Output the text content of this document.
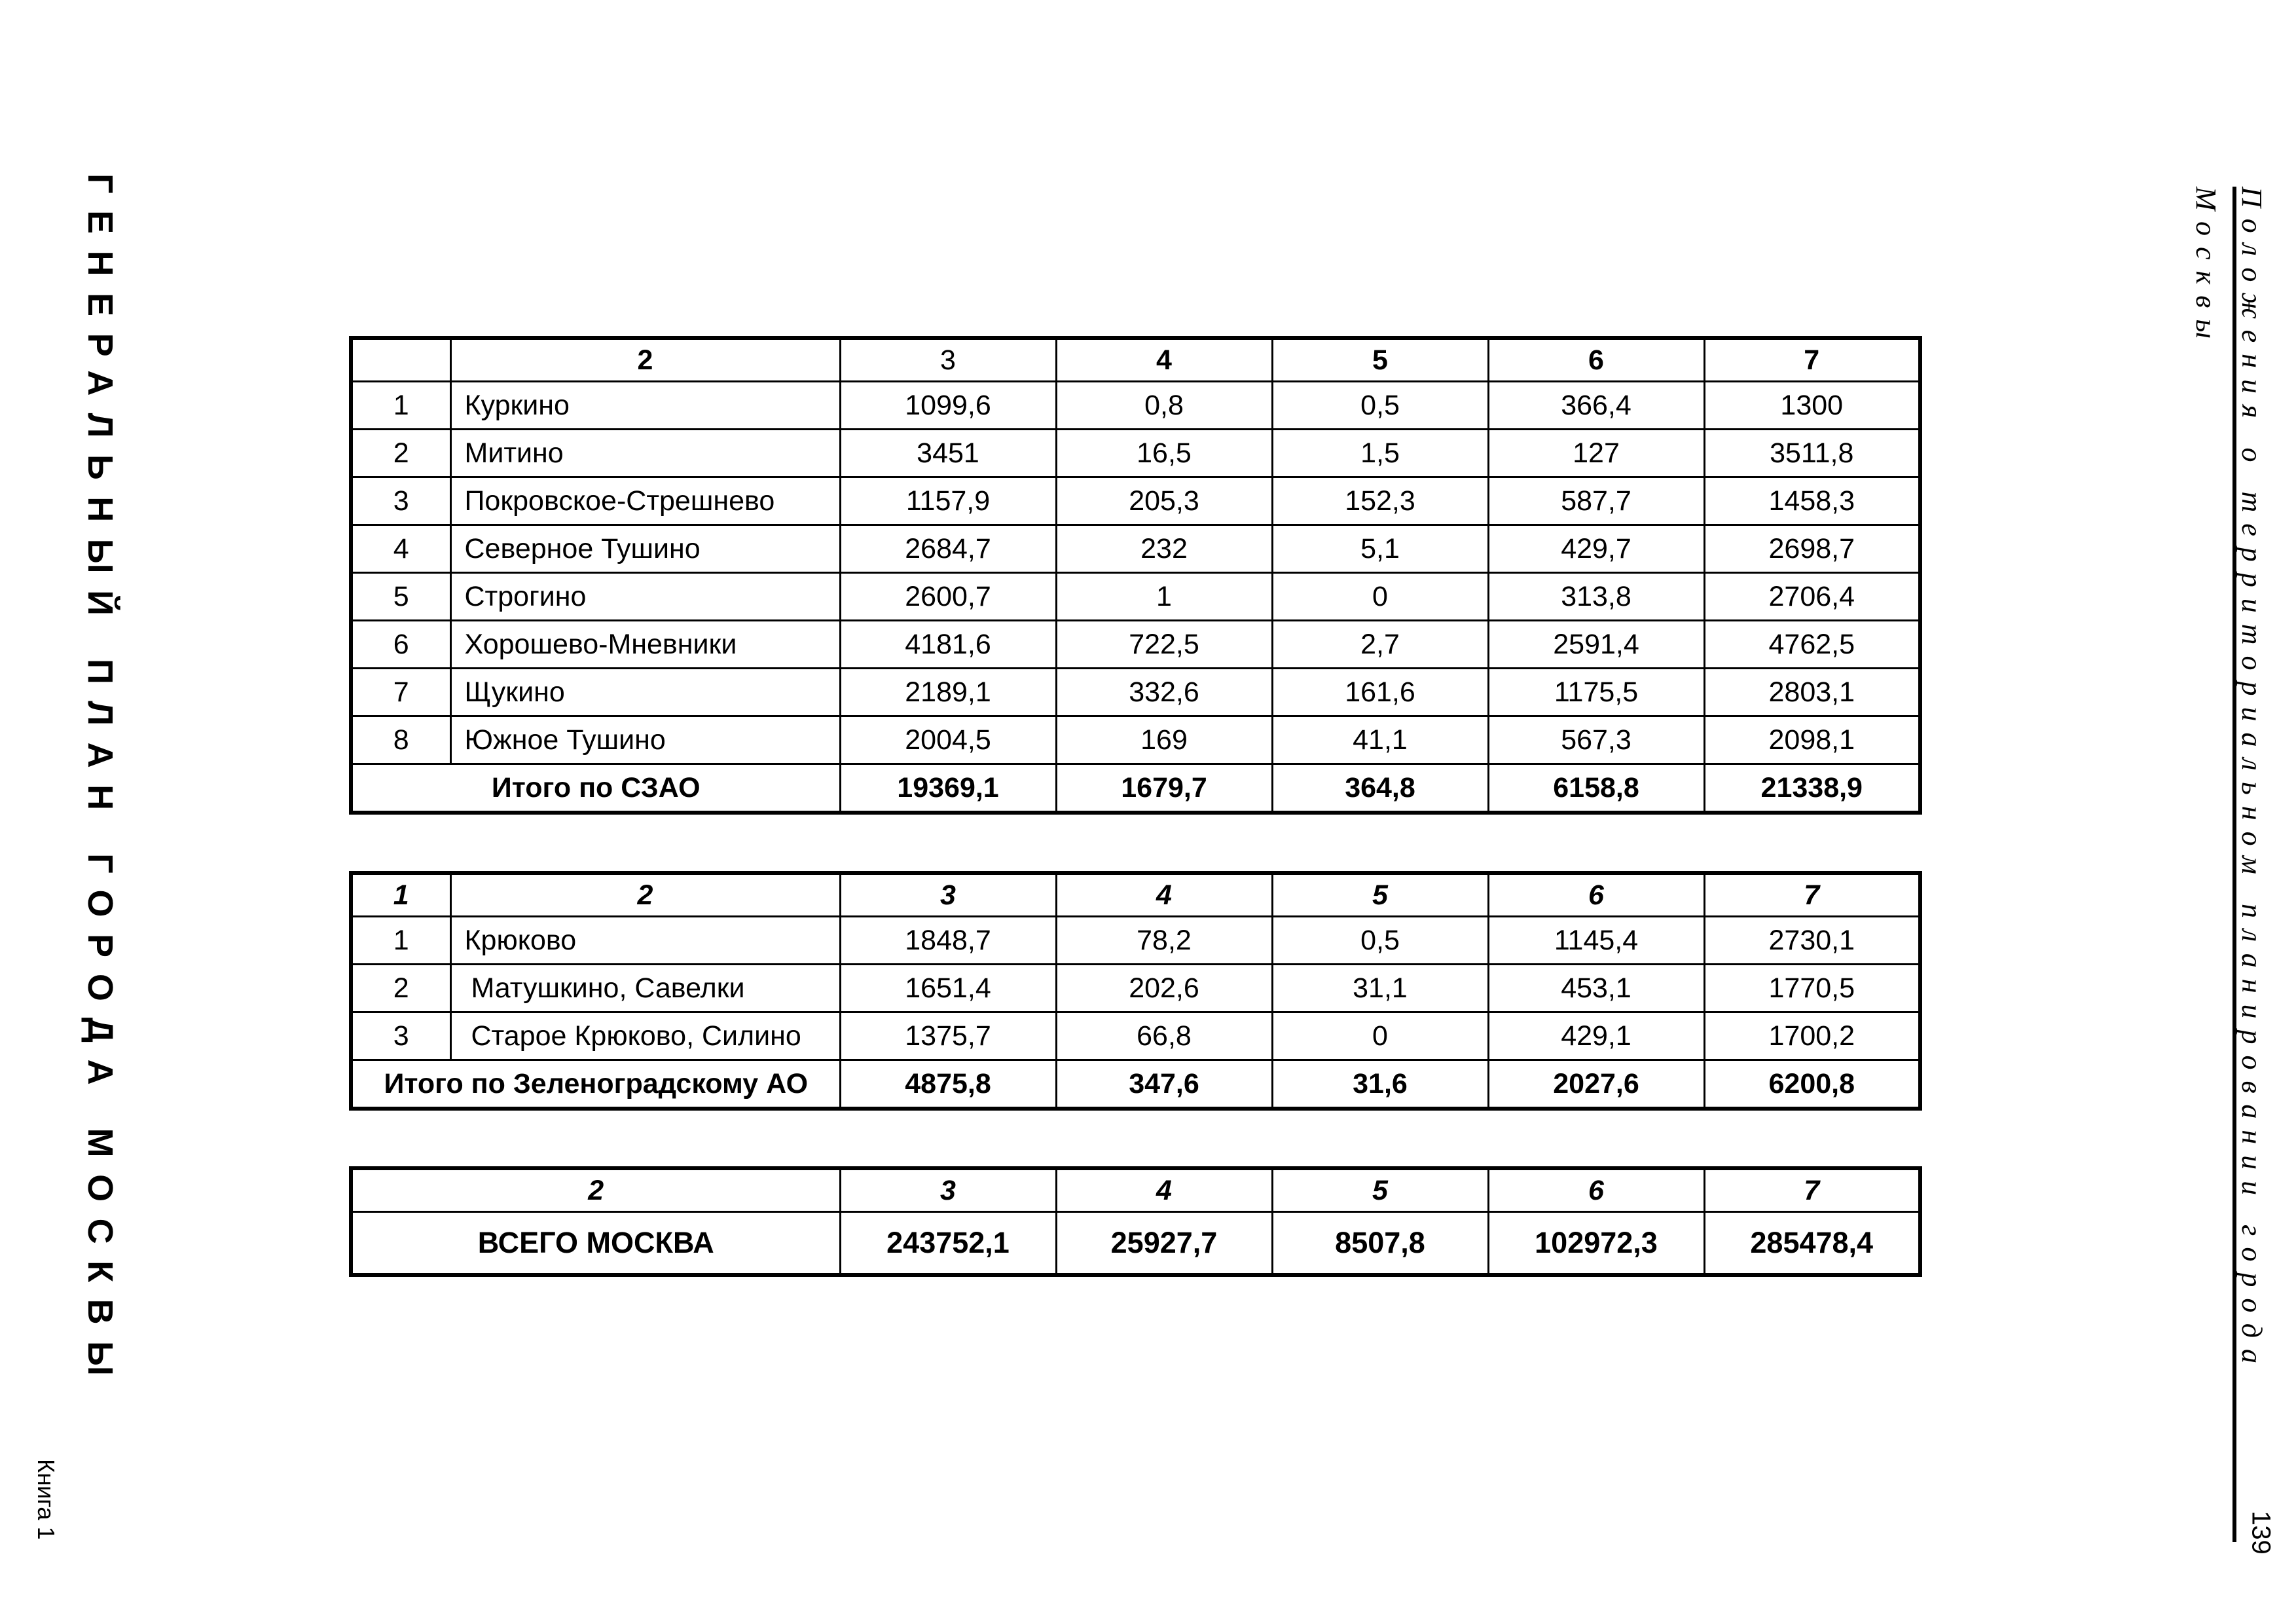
ГЕНЕРАЛЬНЫЙ ПЛАН ГОРОДА МОСКВЫ
Книга 1
Положения о территориальном планировании города Москвы
139
	2	3	4	5	6	7
1	Куркино	1099,6	0,8	0,5	366,4	1300
2	Митино	3451	16,5	1,5	127	3511,8
3	Покровское-Стрешнево	1157,9	205,3	152,3	587,7	1458,3
4	Северное Тушино	2684,7	232	5,1	429,7	2698,7
5	Строгино	2600,7	1	0	313,8	2706,4
6	Хорошево-Мневники	4181,6	722,5	2,7	2591,4	4762,5
7	Щукино	2189,1	332,6	161,6	1175,5	2803,1
8	Южное Тушино	2004,5	169	41,1	567,3	2098,1
Итого по СЗАО		19369,1	1679,7	364,8	6158,8	21338,9
1	2	3	4	5	6	7
1	Крюково	1848,7	78,2	0,5	1145,4	2730,1
2	Матушкино, Савелки	1651,4	202,6	31,1	453,1	1770,5
3	Старое Крюково, Силино	1375,7	66,8	0	429,1	1700,2
Итого по Зеленоградскому АО		4875,8	347,6	31,6	2027,6	6200,8
2	3	4	5	6	7
ВСЕГО МОСКВА	243752,1	25927,7	8507,8	102972,3	285478,4
